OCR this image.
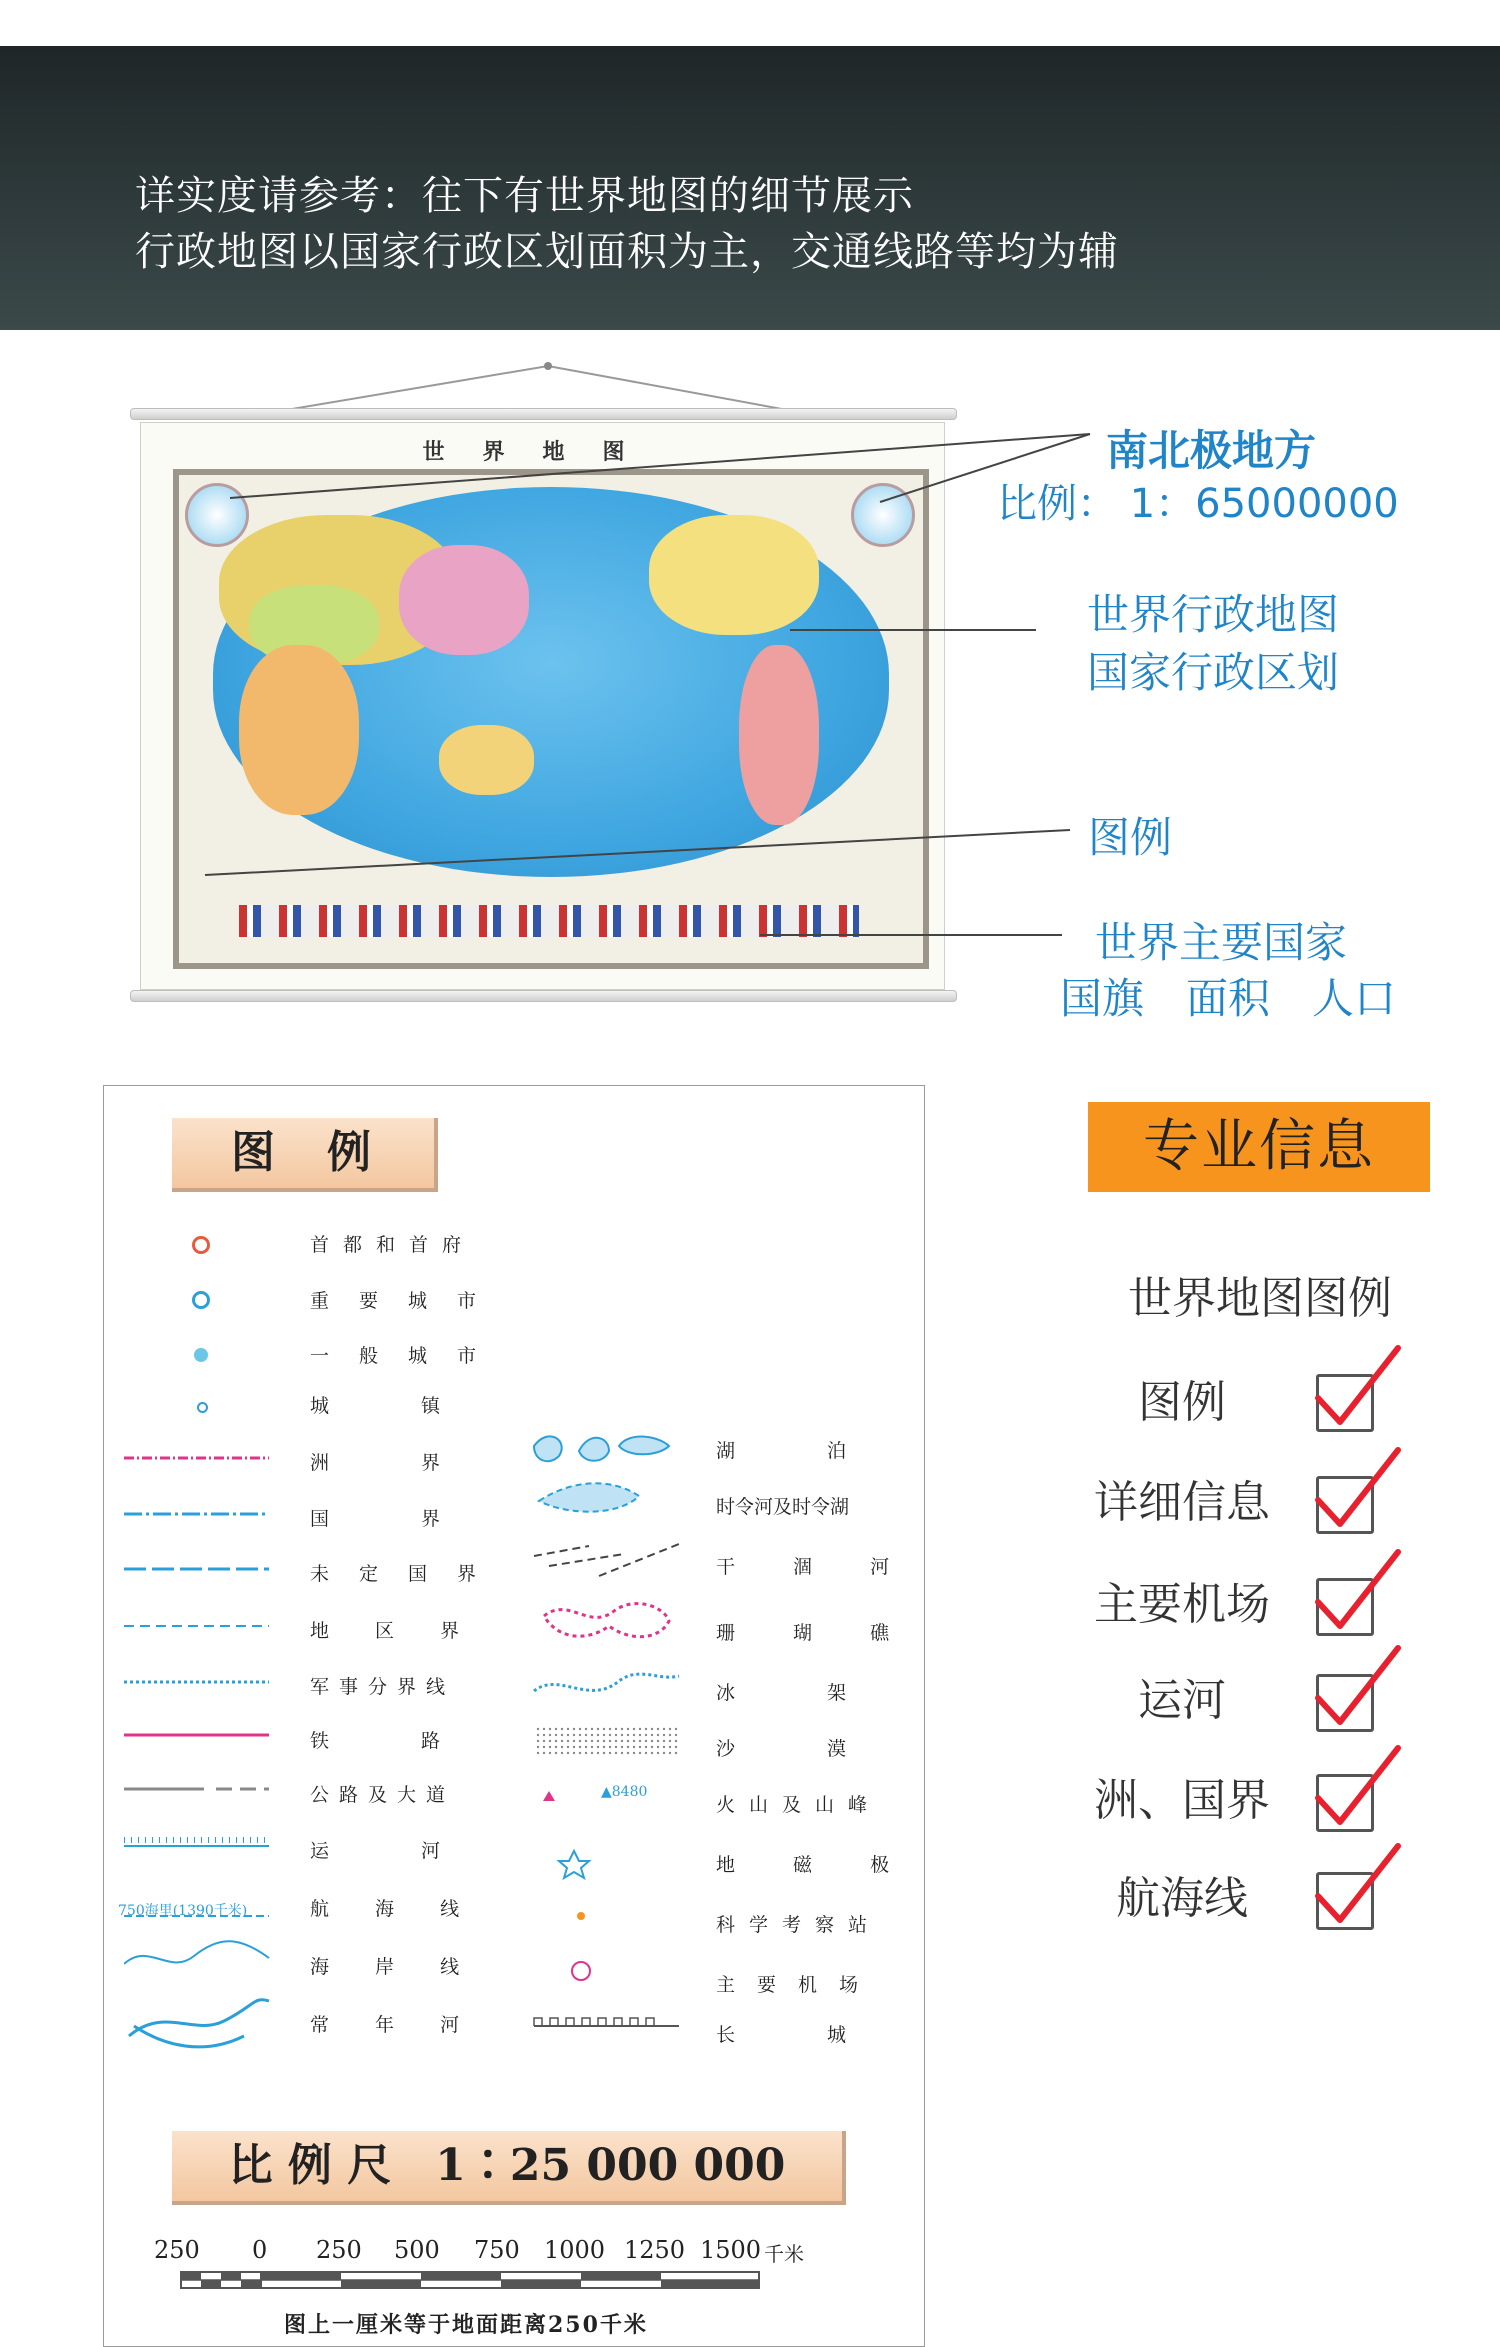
详实度请参考：往下有世界地图的细节展示
行政地图以国家行政区划面积为主，交通线路等均为辅
世界地图	南北极地方
比例： 1：65000000
世界行政地图
国家行政区划
图例
世界主要国家
国旗　面积　人口
图　例
750海里(1390千米)
首都和首府
重要城市
一般城市
城　　镇
洲　　界
国　　界
未定国界
地 区 界
军事分界线
铁　　路
公路及大道
运　　河
航 海 线
海 岸 线
常 年 河
▲8480
湖　　泊
时令河及时令湖
干 涸 河
珊 瑚 礁
冰　　架
沙　　漠
火山及山峰
地 磁 极
科学考察站
主要机场
长　　城
比 例 尺　1∶25 000 000
250 0 250 500 750 1000 1250 1500 千米
图上一厘米等于地面距离250千米
专业信息
世界地图图例
图例
详细信息
主要机场
运河
洲、国界
航海线
